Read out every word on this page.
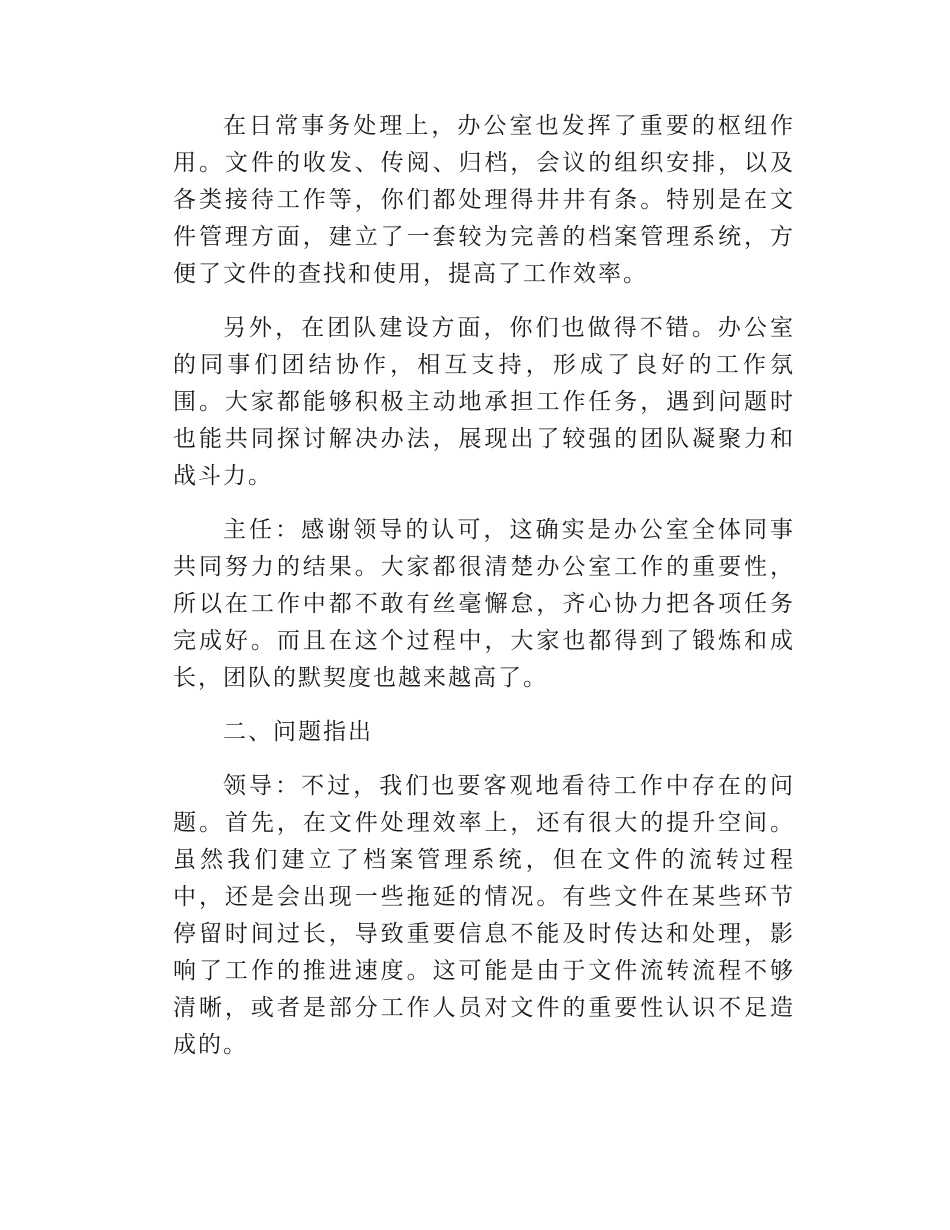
在日常事务处理上，办公室也发挥了重要的枢纽作用。文件的收发、传阅、归档，会议的组织安排，以及各类接待工作等，你们都处理得井井有条。特别是在文件管理方面，建立了一套较为完善的档案管理系统，方便了文件的查找和使用，提高了工作效率。

另外，在团队建设方面，你们也做得不错。办公室的同事们团结协作，相互支持，形成了良好的工作氛围。大家都能够积极主动地承担工作任务，遇到问题时也能共同探讨解决办法，展现出了较强的团队凝聚力和战斗力。

主任：感谢领导的认可，这确实是办公室全体同事共同努力的结果。大家都很清楚办公室工作的重要性，所以在工作中都不敢有丝毫懈怠，齐心协力把各项任务完成好。而且在这个过程中，大家也都得到了锻炼和成长，团队的默契度也越来越高了。

二、问题指出

领导：不过，我们也要客观地看待工作中存在的问题。首先，在文件处理效率上，还有很大的提升空间。虽然我们建立了档案管理系统，但在文件的流转过程中，还是会出现一些拖延的情况。有些文件在某些环节停留时间过长，导致重要信息不能及时传达和处理，影响了工作的推进速度。这可能是由于文件流转流程不够清晰，或者是部分工作人员对文件的重要性认识不足造成的。
